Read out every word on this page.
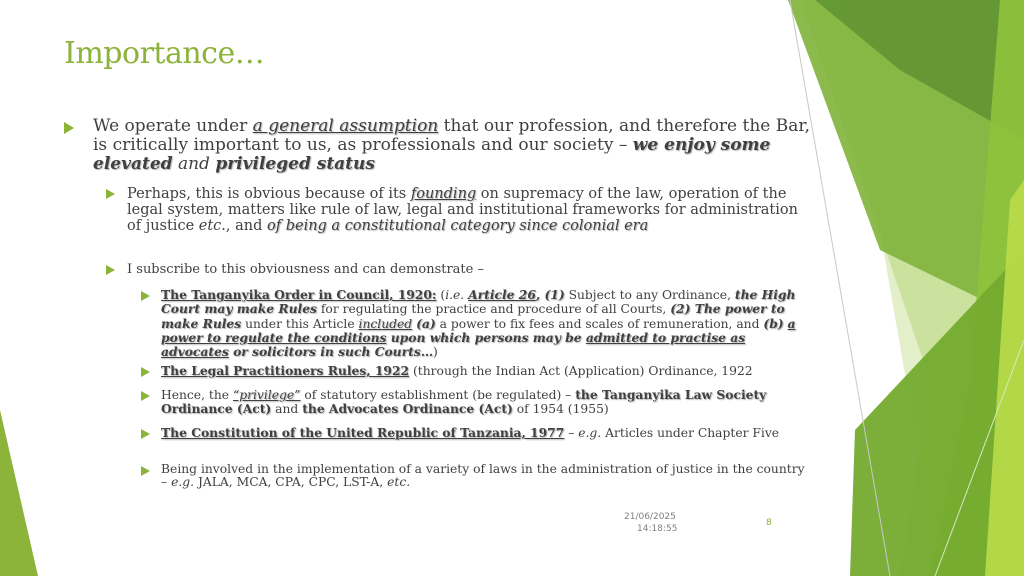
Importance…
We operate under a general assumption that our profession, and therefore the Bar, is critically important to us, as professionals and our society – we enjoy some elevated and privileged status
Perhaps, this is obvious because of its founding on supremacy of the law, operation of the legal system, matters like rule of law, legal and institutional frameworks for administration of justice etc., and of being a constitutional category since colonial era
I subscribe to this obviousness and can demonstrate –
The Tanganyika Order in Council, 1920: (i.e. Article 26, (1) Subject to any Ordinance, the High Court may make Rules for regulating the practice and procedure of all Courts, (2) The power to make Rules under this Article included (a) a power to fix fees and scales of remuneration, and (b) a power to regulate the conditions upon which persons may be admitted to practise as advocates or solicitors in such Courts…)
The Legal Practitioners Rules, 1922 (through the Indian Act (Application) Ordinance, 1922
Hence, the “privilege” of statutory establishment (be regulated) – the Tanganyika Law Society Ordinance (Act) and the Advocates Ordinance (Act) of 1954 (1955)
The Constitution of the United Republic of Tanzania, 1977 – e.g. Articles under Chapter Five
Being involved in the implementation of a variety of laws in the administration of justice in the country – e.g. JALA, MCA, CPA, CPC, LST-A, etc.
21/06/2025
14:18:55
8
